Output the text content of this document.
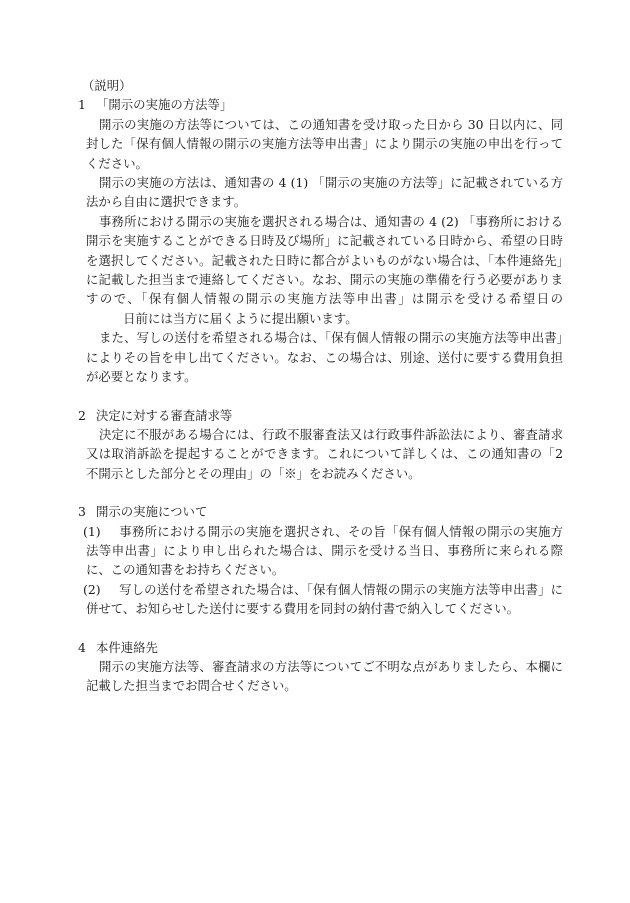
（説明）

1 「開示の実施の方法等」

開示の実施の方法等については、この通知書を受け取った日から 30 日以内に、同封した「保有個人情報の開示の実施方法等申出書」により開示の実施の申出を行ってください。

開示の実施の方法は、通知書の 4 (1) 「開示の実施の方法等」に記載されている方法から自由に選択できます。

事務所における開示の実施を選択される場合は、通知書の 4 (2) 「事務所における開示を実施することができる日時及び場所」に記載されている日時から、希望の日時を選択してください。記載された日時に都合がよいものがない場合は、「本件連絡先」に記載した担当まで連絡してください。なお、開示の実施の準備を行う必要がありますので、「保有個人情報の開示の実施方法等申出書」は開示を受ける希望日の 　　　日前には当方に届くように提出願います。

また、写しの送付を希望される場合は、「保有個人情報の開示の実施方法等申出書」によりその旨を申し出てください。なお、この場合は、別途、送付に要する費用負担が必要となります。

2 決定に対する審査請求等

決定に不服がある場合には、行政不服審査法又は行政事件訴訟法により、審査請求又は取消訴訟を提起することができます。これについて詳しくは、この通知書の「2　不開示とした部分とその理由」の「※」をお読みください。

3 開示の実施について

(1) 事務所における開示の実施を選択され、その旨「保有個人情報の開示の実施方法等申出書」により申し出られた場合は、開示を受ける当日、事務所に来られる際に、この通知書をお持ちください。

(2) 写しの送付を希望された場合は、「保有個人情報の開示の実施方法等申出書」に併せて、お知らせした送付に要する費用を同封の納付書で納入してください。

4 本件連絡先

開示の実施方法等、審査請求の方法等についてご不明な点がありましたら、本欄に記載した担当までお問合せください。
